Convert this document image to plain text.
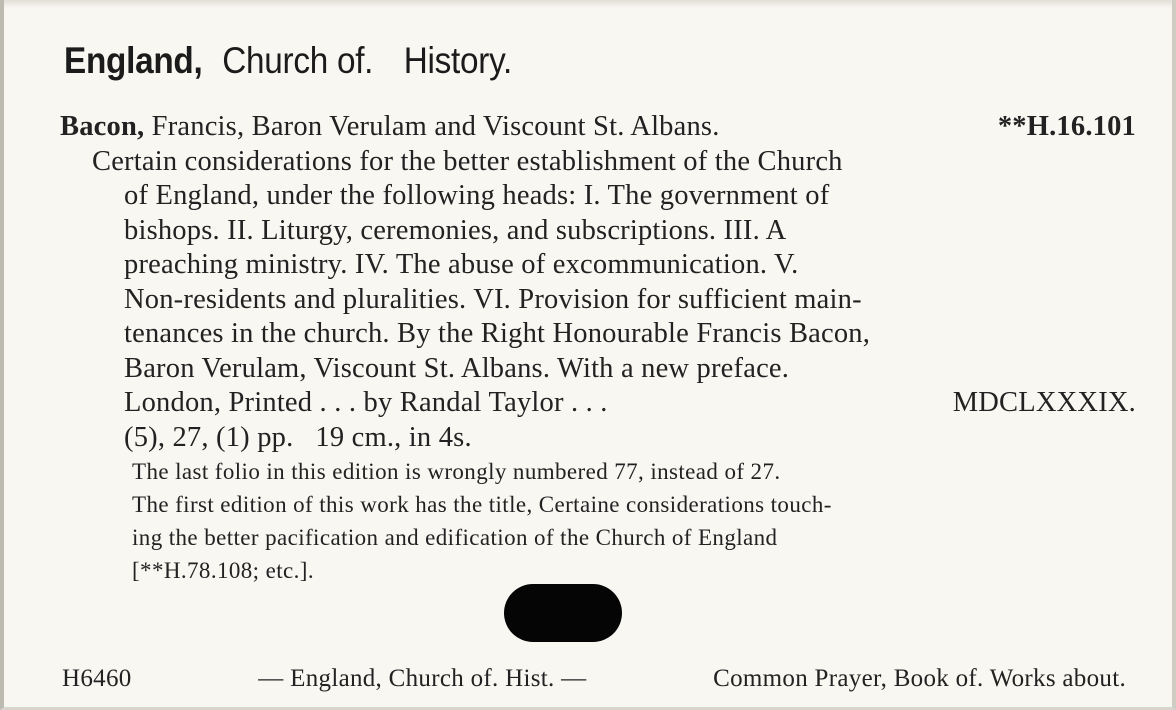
England, Church of. History.
Bacon, Francis, Baron Verulam and Viscount St. Albans.	**H.16.101
Certain considerations for the better establishment of the Church
of England, under the following heads: I. The government of
bishops. II. Liturgy, ceremonies, and subscriptions. III. A
preaching ministry. IV. The abuse of excommunication. V.
Non-residents and pluralities. VI. Provision for sufficient main-
tenances in the church. By the Right Honourable Francis Bacon,
Baron Verulam, Viscount St. Albans. With a new preface.
London, Printed . . . by Randal Taylor . . .	MDCLXXXIX.
(5), 27, (1) pp.   19 cm., in 4s.
The last folio in this edition is wrongly numbered 77, instead of 27.
The first edition of this work has the title, Certaine considerations touch-
ing the better pacification and edification of the Church of England
[**H.78.108; etc.].
H6460	— England, Church of. Hist. —	Common Prayer, Book of. Works about.
